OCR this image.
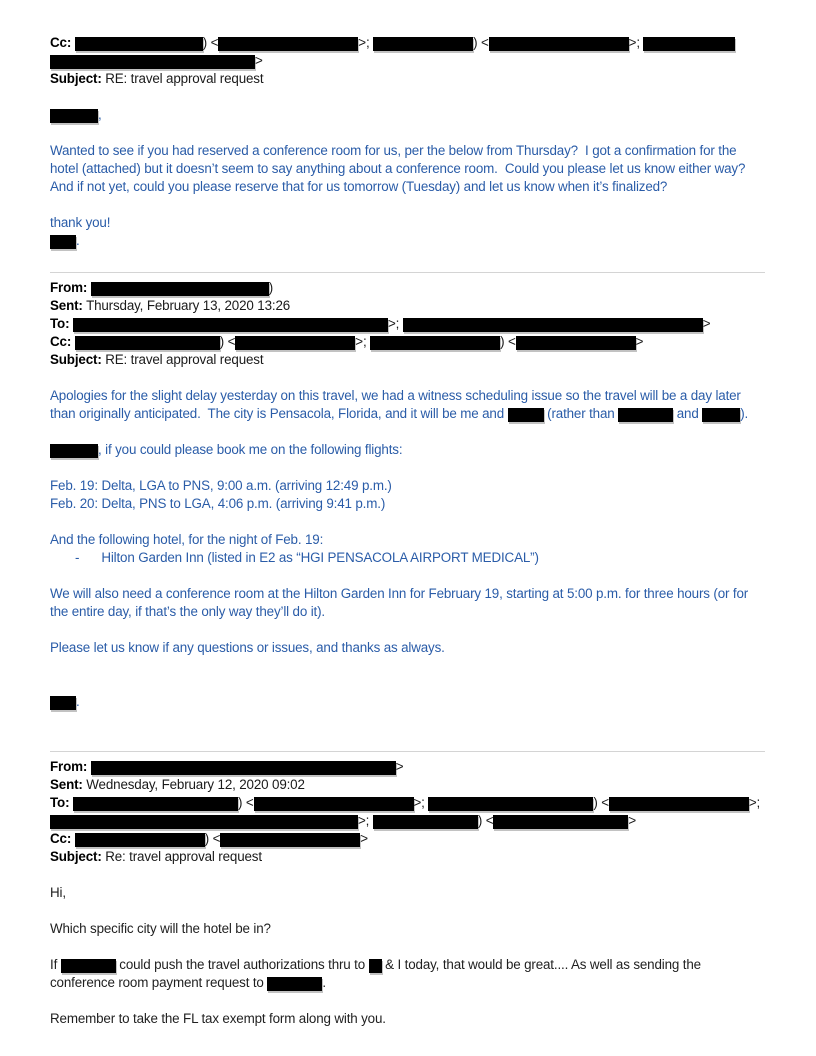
Cc:	) <	>;	) <	>;
>
Subject: RE: travel approval request
,
Wanted to see if you had reserved a conference room for us, per the below from Thursday?  I got a confirmation for the hotel (attached) but it doesn’t seem to say anything about a conference room.  Could you please let us know either way?  And if not yet, could you please reserve that for us tomorrow (Tuesday) and let us know when it’s finalized?
thank you!
.
From:	)
Sent: Thursday, February 13, 2020 13:26
To:	>;	>
Cc:	) <	>;	) <	>
Subject: RE: travel approval request
Apologies for the slight delay yesterday on this travel, we had a witness scheduling issue so the travel will be a day later than originally anticipated.  The city is Pensacola, Florida, and it will be me and	(rather than	and	).
, if you could please book me on the following flights:
Feb. 19: Delta, LGA to PNS, 9:00 a.m. (arriving 12:49 p.m.)
Feb. 20: Delta, PNS to LGA, 4:06 p.m. (arriving 9:41 p.m.)
And the following hotel, for the night of Feb. 19:
- Hilton Garden Inn (listed in E2 as “HGI PENSACOLA AIRPORT MEDICAL”)
We will also need a conference room at the Hilton Garden Inn for February 19, starting at 5:00 p.m. for three hours (or for the entire day, if that’s the only way they’ll do it).
Please let us know if any questions or issues, and thanks as always.
.
From:	>
Sent: Wednesday, February 12, 2020 09:02
To:	) <	>;	) <	>;
>;	) <	>
Cc:	) <	>
Subject: Re: travel approval request
Hi,
Which specific city will the hotel be in?
If	could push the travel authorizations thru to  & I today, that would be great.... As well as sending the conference room payment request to	.
Remember to take the FL tax exempt form along with you.
